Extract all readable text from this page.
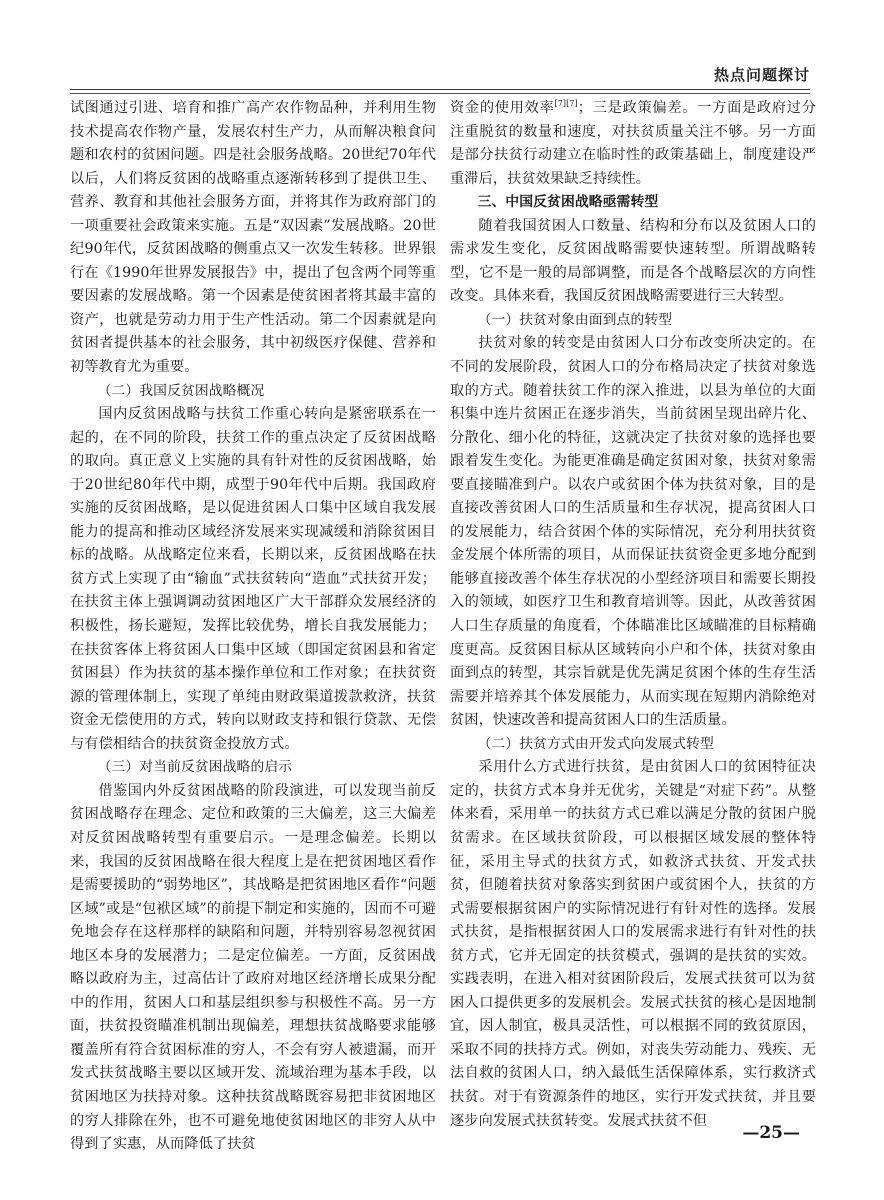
热点问题探讨

试图通过引进、培育和推广高产农作物品种，并利用生物技术提高农作物产量，发展农村生产力，从而解决粮食问题和农村的贫困问题。四是社会服务战略。20世纪70年代以后，人们将反贫困的战略重点逐渐转移到了提供卫生、营养、教育和其他社会服务方面，并将其作为政府部门的一项重要社会政策来实施。五是“双因素”发展战略。20世纪90年代，反贫困战略的侧重点又一次发生转移。世界银行在《1990年世界发展报告》中，提出了包含两个同等重要因素的发展战略。第一个因素是使贫困者将其最丰富的资产，也就是劳动力用于生产性活动。第二个因素就是向贫困者提供基本的社会服务，其中初级医疗保健、营养和初等教育尤为重要。

（二）我国反贫困战略概况

国内反贫困战略与扶贫工作重心转向是紧密联系在一起的，在不同的阶段，扶贫工作的重点决定了反贫困战略的取向。真正意义上实施的具有针对性的反贫困战略，始于20世纪80年代中期，成型于90年代中后期。我国政府实施的反贫困战略，是以促进贫困人口集中区域自我发展能力的提高和推动区域经济发展来实现减缓和消除贫困目标的战略。从战略定位来看，长期以来，反贫困战略在扶贫方式上实现了由“输血”式扶贫转向“造血”式扶贫开发；在扶贫主体上强调调动贫困地区广大干部群众发展经济的积极性，扬长避短，发挥比较优势，增长自我发展能力；在扶贫客体上将贫困人口集中区域（即国定贫困县和省定贫困县）作为扶贫的基本操作单位和工作对象；在扶贫资源的管理体制上，实现了单纯由财政渠道拨款救济，扶贫资金无偿使用的方式，转向以财政支持和银行贷款、无偿与有偿相结合的扶贫资金投放方式。

（三）对当前反贫困战略的启示

借鉴国内外反贫困战略的阶段演进，可以发现当前反贫困战略存在理念、定位和政策的三大偏差，这三大偏差对反贫困战略转型有重要启示。一是理念偏差。长期以来，我国的反贫困战略在很大程度上是在把贫困地区看作是需要援助的“弱势地区”，其战略是把贫困地区看作“问题区域”或是“包袱区域”的前提下制定和实施的，因而不可避免地会存在这样那样的缺陷和问题，并特别容易忽视贫困地区本身的发展潜力；二是定位偏差。一方面，反贫困战略以政府为主，过高估计了政府对地区经济增长成果分配中的作用，贫困人口和基层组织参与积极性不高。另一方面，扶贫投资瞄准机制出现偏差，理想扶贫战略要求能够覆盖所有符合贫困标准的穷人，不会有穷人被遗漏，而开发式扶贫战略主要以区域开发、流域治理为基本手段，以贫困地区为扶持对象。这种扶贫战略既容易把非贫困地区的穷人排除在外，也不可避免地使贫困地区的非穷人从中得到了实惠，从而降低了扶贫

资金的使用效率[7][7]；三是政策偏差。一方面是政府过分注重脱贫的数量和速度，对扶贫质量关注不够。另一方面是部分扶贫行动建立在临时性的政策基础上，制度建设严重滞后，扶贫效果缺乏持续性。

三、中国反贫困战略亟需转型

随着我国贫困人口数量、结构和分布以及贫困人口的需求发生变化，反贫困战略需要快速转型。所谓战略转型，它不是一般的局部调整，而是各个战略层次的方向性改变。具体来看，我国反贫困战略需要进行三大转型。

（一）扶贫对象由面到点的转型

扶贫对象的转变是由贫困人口分布改变所决定的。在不同的发展阶段，贫困人口的分布格局决定了扶贫对象选取的方式。随着扶贫工作的深入推进，以县为单位的大面积集中连片贫困正在逐步消失，当前贫困呈现出碎片化、分散化、细小化的特征，这就决定了扶贫对象的选择也要跟着发生变化。为能更准确是确定贫困对象，扶贫对象需要直接瞄准到户。以农户或贫困个体为扶贫对象，目的是直接改善贫困人口的生活质量和生存状况，提高贫困人口的发展能力，结合贫困个体的实际情况，充分利用扶贫资金发展个体所需的项目，从而保证扶贫资金更多地分配到能够直接改善个体生存状况的小型经济项目和需要长期投入的领域，如医疗卫生和教育培训等。因此，从改善贫困人口生存质量的角度看，个体瞄准比区域瞄准的目标精确度更高。反贫困目标从区域转向小户和个体，扶贫对象由面到点的转型，其宗旨就是优先满足贫困个体的生存生活需要并培养其个体发展能力，从而实现在短期内消除绝对贫困，快速改善和提高贫困人口的生活质量。

（二）扶贫方式由开发式向发展式转型

采用什么方式进行扶贫，是由贫困人口的贫困特征决定的，扶贫方式本身并无优劣，关键是“对症下药”。从整体来看，采用单一的扶贫方式已难以满足分散的贫困户脱贫需求。在区域扶贫阶段，可以根据区域发展的整体特征，采用主导式的扶贫方式，如救济式扶贫、开发式扶贫，但随着扶贫对象落实到贫困户或贫困个人，扶贫的方式需要根据贫困户的实际情况进行有针对性的选择。发展式扶贫，是指根据贫困人口的发展需求进行有针对性的扶贫方式，它并无固定的扶贫模式，强调的是扶贫的实效。实践表明，在进入相对贫困阶段后，发展式扶贫可以为贫困人口提供更多的发展机会。发展式扶贫的核心是因地制宜，因人制宜，极具灵活性，可以根据不同的致贫原因，采取不同的扶持方式。例如，对丧失劳动能力、残疾、无法自救的贫困人口，纳入最低生活保障体系，实行救济式扶贫。对于有资源条件的地区，实行开发式扶贫，并且要逐步向发展式扶贫转变。发展式扶贫不但

—25—
